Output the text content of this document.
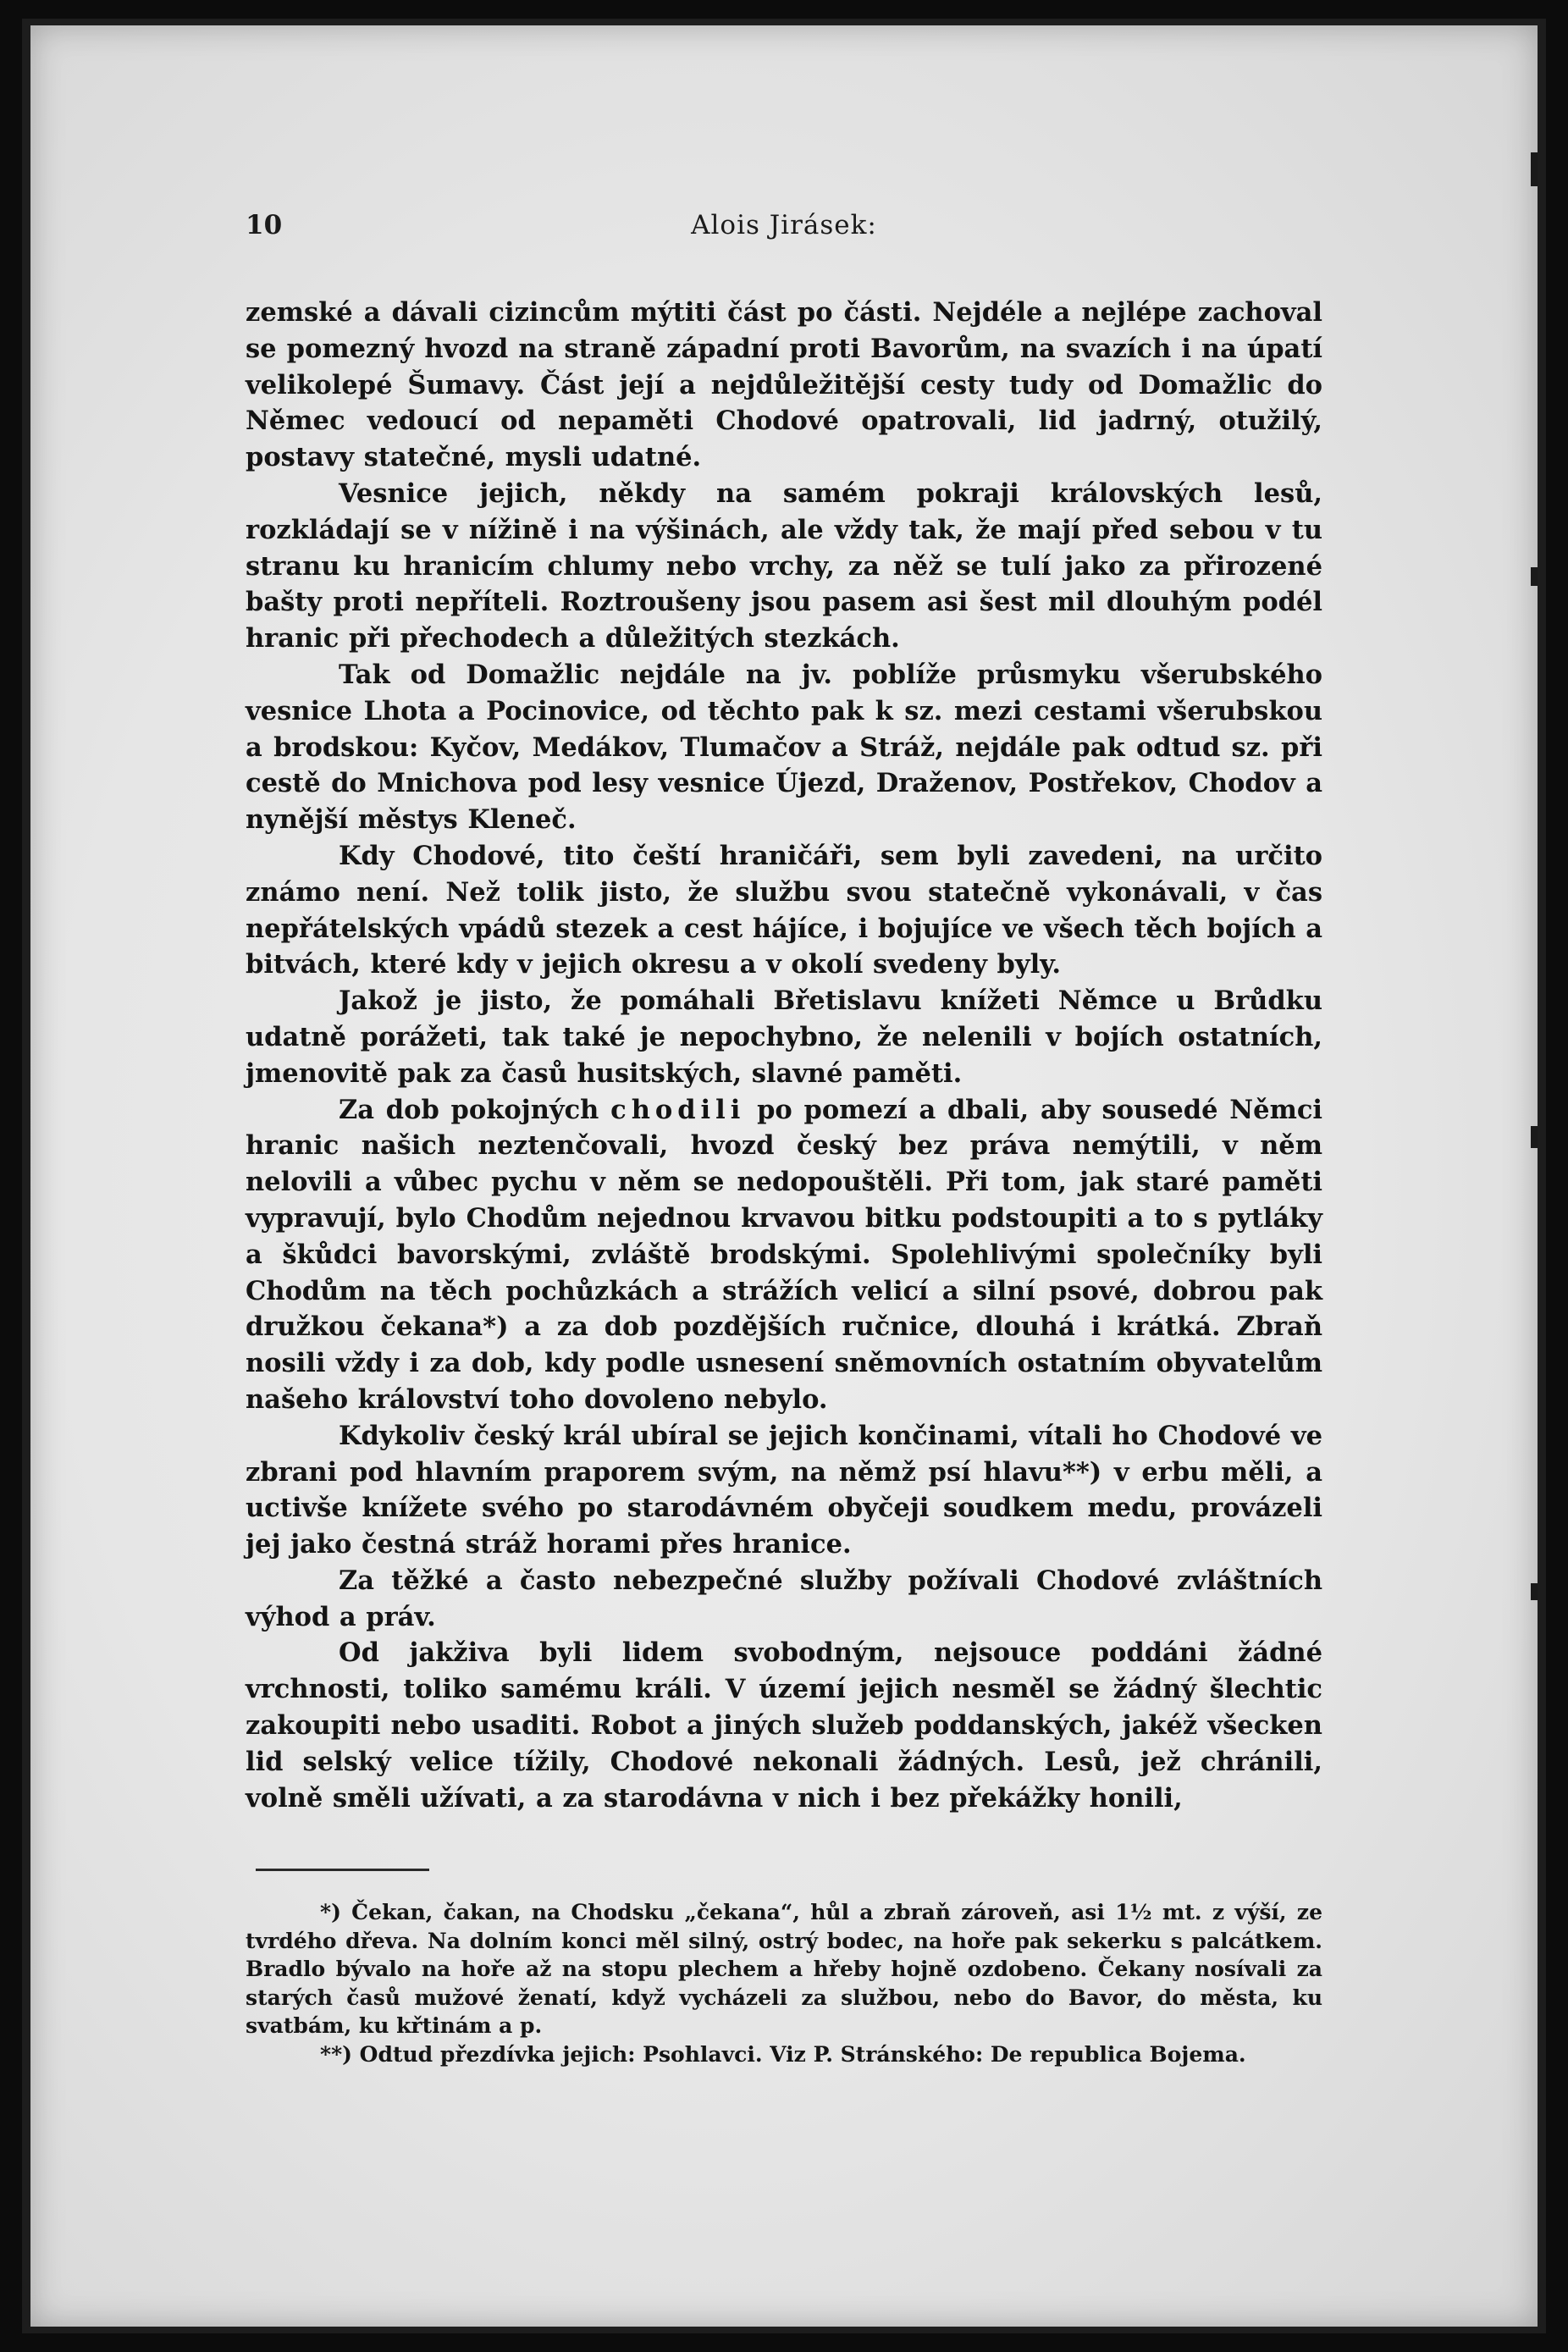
10	Alois Jirásek:

zemské a dávali cizincům mýtiti část po části. Nejdéle a nejlépe zachoval se pomezný hvozd na straně západní proti Bavorům, na svazích i na úpatí velikolepé Šumavy. Část její a nejdůležitější cesty tudy od Domažlic do Němec vedoucí od nepaměti Chodové opatrovali, lid jadrný, otužilý, postavy statečné, mysli udatné.

Vesnice jejich, někdy na samém pokraji královských lesů, rozkládají se v nížině i na výšinách, ale vždy tak, že mají před sebou v tu stranu ku hranicím chlumy nebo vrchy, za něž se tulí jako za přirozené bašty proti nepříteli. Roztroušeny jsou pasem asi šest mil dlouhým podél hranic při přechodech a důležitých stezkách.

Tak od Domažlic nejdále na jv. poblíže průsmyku všerubského vesnice Lhota a Pocinovice, od těchto pak k sz. mezi cestami všerubskou a brodskou: Kyčov, Medákov, Tlumačov a Stráž, nejdále pak odtud sz. při cestě do Mnichova pod lesy vesnice Újezd, Draženov, Postřekov, Chodov a nynější městys Kleneč.

Kdy Chodové, tito čeští hraničáři, sem byli zavedeni, na určito známo není. Než tolik jisto, že službu svou statečně vykonávali, v čas nepřátelských vpádů stezek a cest hájíce, i bojujíce ve všech těch bojích a bitvách, které kdy v jejich okresu a v okolí svedeny byly.

Jakož je jisto, že pomáhali Břetislavu knížeti Němce u Brůdku udatně porážeti, tak také je nepochybno, že nelenili v bojích ostatních, jmenovitě pak za časů husitských, slavné paměti.

Za dob pokojných chodili po pomezí a dbali, aby sousedé Němci hranic našich neztenčovali, hvozd český bez práva nemýtili, v něm nelovili a vůbec pychu v něm se nedopouštěli. Při tom, jak staré paměti vypravují, bylo Chodům nejednou krvavou bitku podstoupiti a to s pytláky a škůdci bavorskými, zvláště brodskými. Spolehlivými společníky byli Chodům na těch pochůzkách a strážích velicí a silní psové, dobrou pak družkou čekana*) a za dob pozdějších ručnice, dlouhá i krátká. Zbraň nosili vždy i za dob, kdy podle usnesení sněmovních ostatním obyvatelům našeho království toho dovoleno nebylo.

Kdykoliv český král ubíral se jejich končinami, vítali ho Chodové ve zbrani pod hlavním praporem svým, na němž psí hlavu**) v erbu měli, a uctivše knížete svého po starodávném obyčeji soudkem medu, provázeli jej jako čestná stráž horami přes hranice.

Za těžké a často nebezpečné služby požívali Chodové zvláštních výhod a práv.

Od jakživa byli lidem svobodným, nejsouce poddáni žádné vrchnosti, toliko samému králi. V území jejich nesměl se žádný šlechtic zakoupiti nebo usaditi. Robot a jiných služeb poddanských, jakéž všecken lid selský velice tížily, Chodové nekonali žádných. Lesů, jež chránili, volně směli užívati, a za starodávna v nich i bez překážky honili,

*) Čekan, čakan, na Chodsku „čekana“, hůl a zbraň zároveň, asi 1½ mt. z výší, ze tvrdého dřeva. Na dolním konci měl silný, ostrý bodec, na hoře pak sekerku s palcátkem. Bradlo bývalo na hoře až na stopu plechem a hřeby hojně ozdobeno. Čekany nosívali za starých časů mužové ženatí, když vycházeli za službou, nebo do Bavor, do města, ku svatbám, ku křtinám a p.

**) Odtud přezdívka jejich: Psohlavci. Viz P. Stránského: De republica Bojema.
